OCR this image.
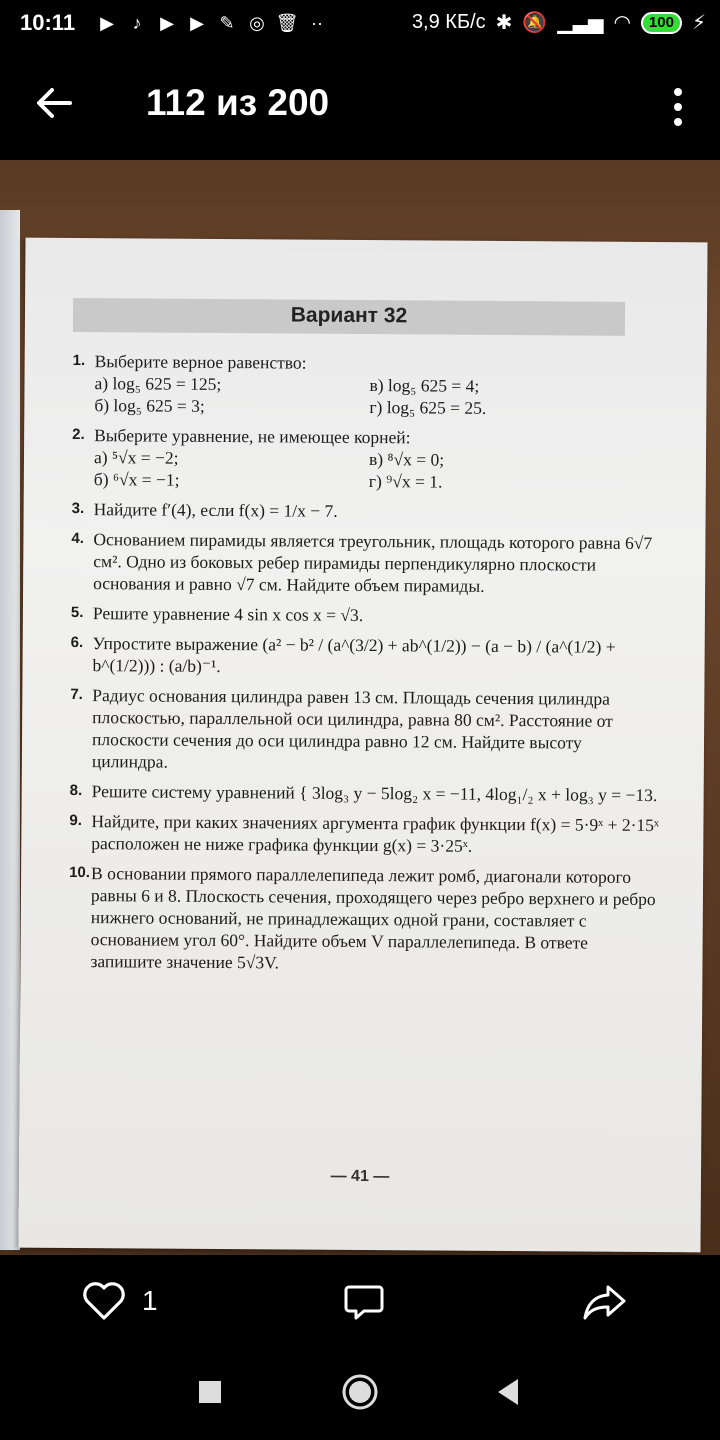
10:11 ▶	♪	▶ ▶ ✎ ◎ 🗑 ··	3,9 КБ/с ✱ 🔕 ▁▃▅ ◠	100 ⚡
112 из 200
Вариант 32
1. Выберите верное равенство:
а) log₅ 625 = 125;	в) log₅ 625 = 4;
б) log₅ 625 = 3;	г) log₅ 625 = 25.
2. Выберите уравнение, не имеющее корней:
а) ⁵√x = −2;	в) ⁸√x = 0;
б) ⁶√x = −1;	г) ⁹√x = 1.
3. Найдите f′(4), если f(x) = 1/x − 7.
4. Основанием пирамиды является треугольник, площадь которого равна 6√7 см². Одно из боковых ребер пирамиды перпендикулярно плоскости основания и равно √7 см. Найдите объем пирамиды.
5. Решите уравнение 4 sin x cos x = √3.
6. Упростите выражение (a² − b² / (a^(3/2) + ab^(1/2)) − (a − b) / (a^(1/2) + b^(1/2))) : (a/b)⁻¹.
7. Радиус основания цилиндра равен 13 см. Площадь сечения цилиндра плоскостью, параллельной оси цилиндра, равна 80 см². Расстояние от плоскости сечения до оси цилиндра равно 12 см. Найдите высоту цилиндра.
8. Решите систему уравнений { 3log₃ y − 5log₂ x = −11, 4log₁/₂ x + log₃ y = −13.
9. Найдите, при каких значениях аргумента график функции f(x) = 5·9ˣ + 2·15ˣ расположен не ниже графика функции g(x) = 3·25ˣ.
10. В основании прямого параллелепипеда лежит ромб, диагонали которого равны 6 и 8. Плоскость сечения, проходящего через ребро верхнего и ребро нижнего оснований, не принадлежащих одной грани, составляет с основанием угол 60°. Найдите объем V параллелепипеда. В ответе запишите значение 5√3V.
— 41 —
1
